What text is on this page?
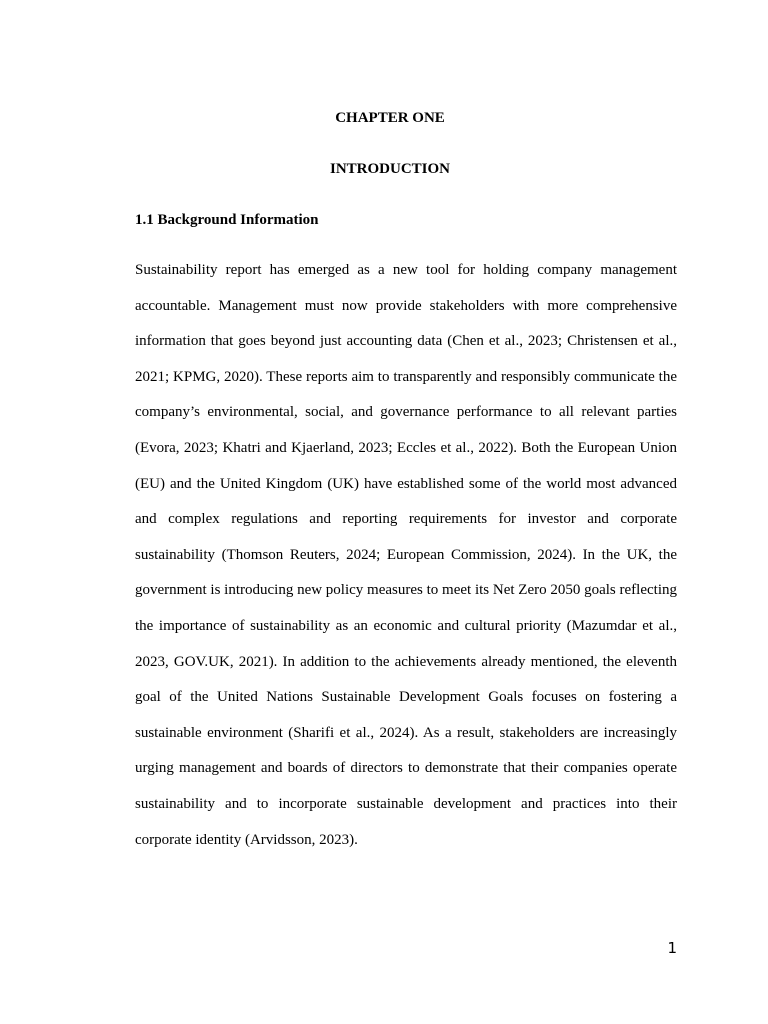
CHAPTER ONE
INTRODUCTION
1.1 Background Information

Sustainability report has emerged as a new tool for holding company management accountable. Management must now provide stakeholders with more comprehensive information that goes beyond just accounting data (Chen et al., 2023; Christensen et al., 2021; KPMG, 2020). These reports aim to transparently and responsibly communicate the company’s environmental, social, and governance performance to all relevant parties (Evora, 2023; Khatri and Kjaerland, 2023; Eccles et al., 2022). Both the European Union (EU) and the United Kingdom (UK) have established some of the world most advanced and complex regulations and reporting requirements for investor and corporate sustainability (Thomson Reuters, 2024; European Commission, 2024). In the UK, the government is introducing new policy measures to meet its Net Zero 2050 goals reflecting the importance of sustainability as an economic and cultural priority (Mazumdar et al., 2023, GOV.UK, 2021). In addition to the achievements already mentioned, the eleventh goal of the United Nations Sustainable Development Goals focuses on fostering a sustainable environment (Sharifi et al., 2024). As a result, stakeholders are increasingly urging management and boards of directors to demonstrate that their companies operate sustainability and to incorporate sustainable development and practices into their corporate identity (Arvidsson, 2023).

1
